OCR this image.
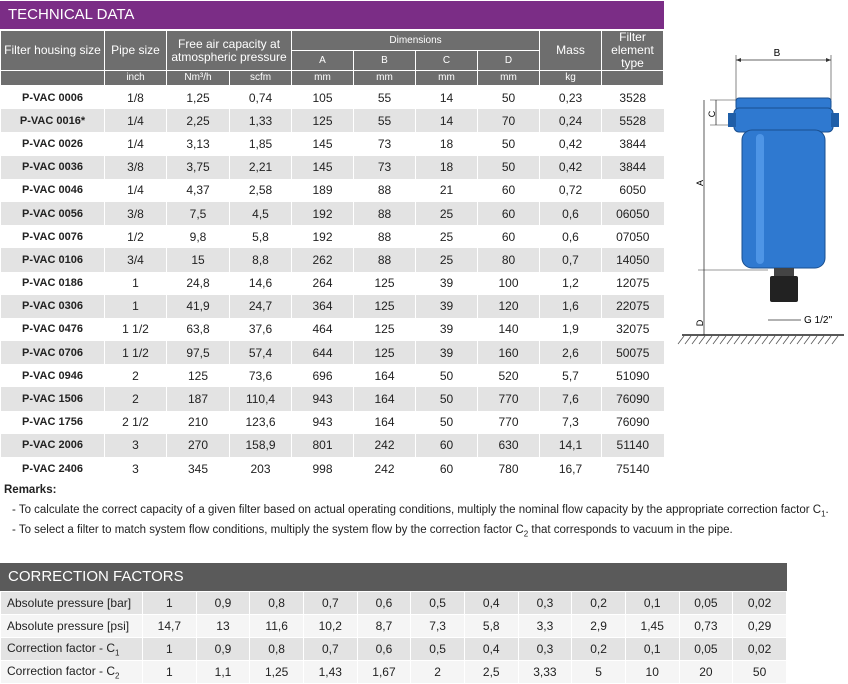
TECHNICAL DATA
Filter housing size	Pipe size	Free air capacity at atmospheric pressure		Dimensions				Mass	Filter element type
				A	B	C	D		
	inch	Nm³/h	scfm	mm	mm	mm	mm	kg	
P-VAC 0006	1/8	1,25	0,74	105	55	14	50	0,23	3528
P-VAC 0016*	1/4	2,25	1,33	125	55	14	70	0,24	5528
P-VAC 0026	1/4	3,13	1,85	145	73	18	50	0,42	3844
P-VAC 0036	3/8	3,75	2,21	145	73	18	50	0,42	3844
P-VAC 0046	1/4	4,37	2,58	189	88	21	60	0,72	6050
P-VAC 0056	3/8	7,5	4,5	192	88	25	60	0,6	06050
P-VAC 0076	1/2	9,8	5,8	192	88	25	60	0,6	07050
P-VAC 0106	3/4	15	8,8	262	88	25	80	0,7	14050
P-VAC 0186	1	24,8	14,6	264	125	39	100	1,2	12075
P-VAC 0306	1	41,9	24,7	364	125	39	120	1,6	22075
P-VAC 0476	1 1/2	63,8	37,6	464	125	39	140	1,9	32075
P-VAC 0706	1 1/2	97,5	57,4	644	125	39	160	2,6	50075
P-VAC 0946	2	125	73,6	696	164	50	520	5,7	51090
P-VAC 1506	2	187	110,4	943	164	50	770	7,6	76090
P-VAC 1756	2 1/2	210	123,6	943	164	50	770	7,3	76090
P-VAC 2006	3	270	158,9	801	242	60	630	14,1	51140
P-VAC 2406	3	345	203	998	242	60	780	16,7	75140
B
C
A
D	G 1/2''
Remarks:
- To calculate the correct capacity of a given filter based on actual operating conditions, multiply the nominal flow capacity by the appropriate correction factor $C_1$.
- To select a filter to match system flow conditions, multiply the system flow by the correction factor $C_2$ that corresponds to vacuum in the pipe.
CORRECTION FACTORS
Absolute pressure [bar]	1	0,9	0,8	0,7	0,6	0,5	0,4	0,3	0,2	0,1	0,05	0,02
Absolute pressure [psi]	14,7	13	11,6	10,2	8,7	7,3	5,8	3,3	2,9	1,45	0,73	0,29
Correction factor - $C_1$	1	0,9	0,8	0,7	0,6	0,5	0,4	0,3	0,2	0,1	0,05	0,02
Correction factor - $C_2$	1	1,1	1,25	1,43	1,67	2	2,5	3,33	5	10	20	50
